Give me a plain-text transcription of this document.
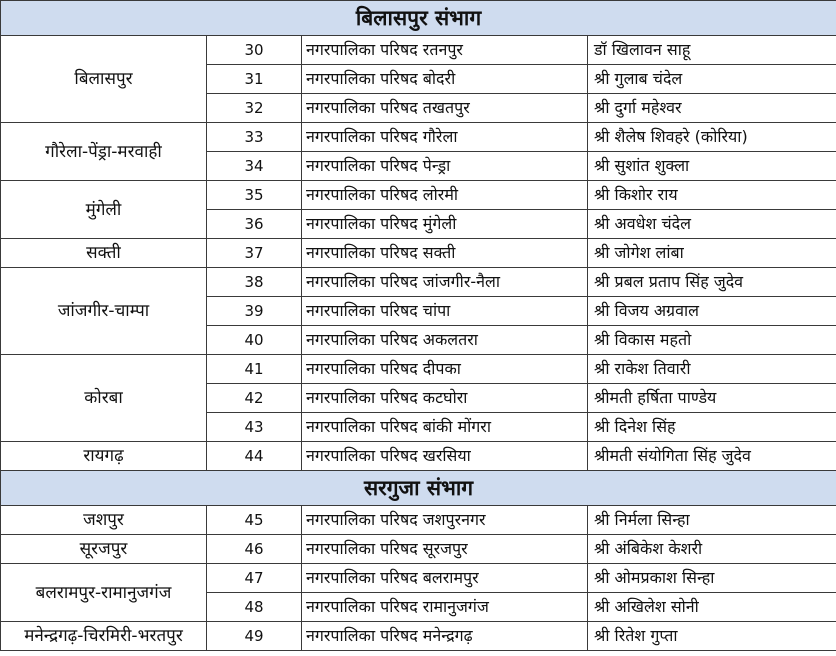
बिलासपुर संभाग			
बिलासपुर	30	नगरपालिका परिषद रतनपुर	डॉ खिलावन साहू
	31	नगरपालिका परिषद बोदरी	श्री गुलाब चंदेल
	32	नगरपालिका परिषद तखतपुर	श्री दुर्गा महेश्वर
गौरेला-पेंड्रा-मरवाही	33	नगरपालिका परिषद गौरेला	श्री शैलेष शिवहरे (कोरिया)
	34	नगरपालिका परिषद पेन्ड्रा	श्री सुशांत शुक्ला
मुंगेली	35	नगरपालिका परिषद लोरमी	श्री किशोर राय
	36	नगरपालिका परिषद मुंगेली	श्री अवधेश चंदेल
सक्ती	37	नगरपालिका परिषद सक्ती	श्री जोगेश लांबा
जांजगीर-चाम्पा	38	नगरपालिका परिषद जांजगीर-नैला	श्री प्रबल प्रताप सिंह जुदेव
	39	नगरपालिका परिषद चांपा	श्री विजय अग्रवाल
	40	नगरपालिका परिषद अकलतरा	श्री विकास महतो
कोरबा	41	नगरपालिका परिषद दीपका	श्री राकेश तिवारी
	42	नगरपालिका परिषद कटघोरा	श्रीमती हर्षिता पाण्डेय
	43	नगरपालिका परिषद बांकी मोंगरा	श्री दिनेश सिंह
रायगढ़	44	नगरपालिका परिषद खरसिया	श्रीमती संयोगिता सिंह जुदेव
सरगुजा संभाग			
जशपुर	45	नगरपालिका परिषद जशपुरनगर	श्री निर्मला सिन्हा
सूरजपुर	46	नगरपालिका परिषद सूरजपुर	श्री अंबिकेश केशरी
बलरामपुर-रामानुजगंज	47	नगरपालिका परिषद बलरामपुर	श्री ओमप्रकाश सिन्हा
	48	नगरपालिका परिषद रामानुजगंज	श्री अखिलेश सोनी
मनेन्द्रगढ़-चिरमिरी-भरतपुर	49	नगरपालिका परिषद मनेन्द्रगढ़	श्री रितेश गुप्ता
